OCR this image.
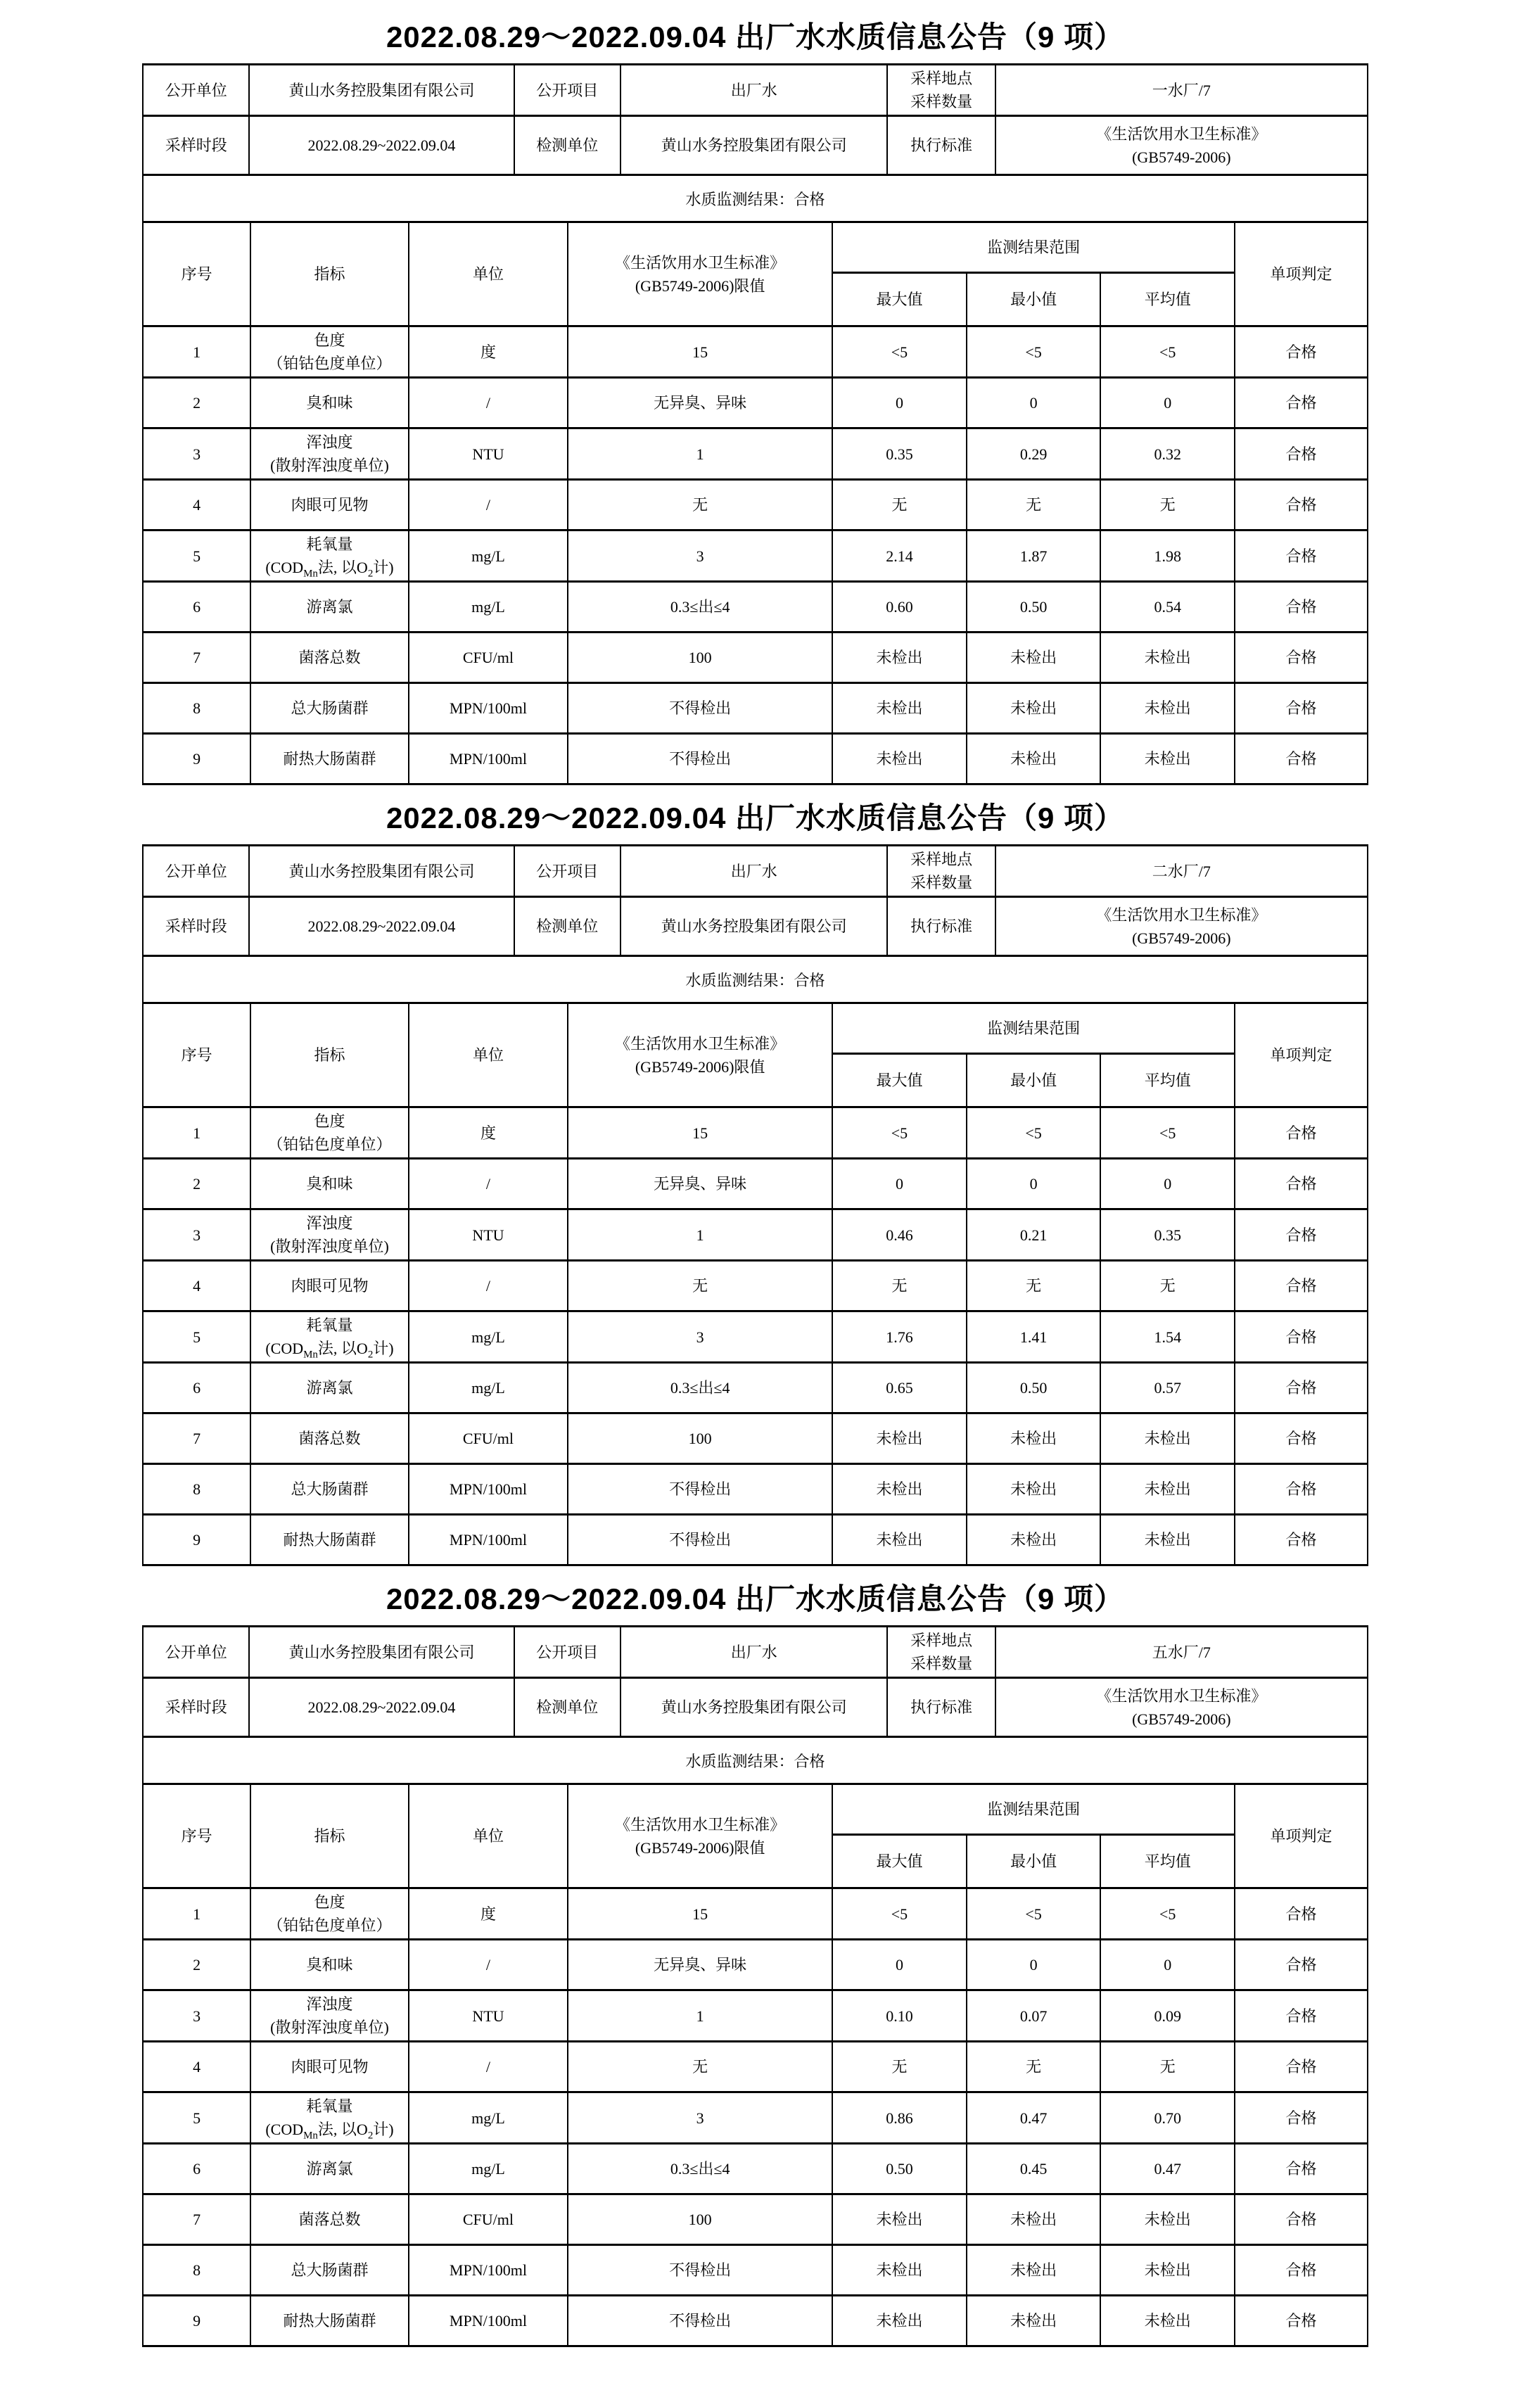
2022.08.29～2022.09.04 出厂水水质信息公告（9 项）
公开单位	黄山水务控股集团有限公司	公开项目	出厂水	采样地点
采样数量	一水厂/7
采样时段	2022.08.29~2022.09.04	检测单位	黄山水务控股集团有限公司	执行标准	《生活饮用水卫生标准》
(GB5749-2006)
水质监测结果：合格
序号	指标	单位	《生活饮用水卫生标准》
(GB5749-2006)限值	监测结果范围			单项判定
				最大值	最小值	平均值	
1	色度
（铂钴色度单位）	度	15	<5	<5	<5	合格
2	臭和味	/	无异臭、异味	0	0	0	合格
3	浑浊度
(散射浑浊度单位)	NTU	1	0.35	0.29	0.32	合格
4	肉眼可见物	/	无	无	无	无	合格
5	耗氧量
($COD_{Mn}$法, 以$O_2$计)	mg/L	3	2.14	1.87	1.98	合格
6	游离氯	mg/L	0.3≤出≤4	0.60	0.50	0.54	合格
7	菌落总数	CFU/ml	100	未检出	未检出	未检出	合格
8	总大肠菌群	MPN/100ml	不得检出	未检出	未检出	未检出	合格
9	耐热大肠菌群	MPN/100ml	不得检出	未检出	未检出	未检出	合格
2022.08.29～2022.09.04 出厂水水质信息公告（9 项）
公开单位	黄山水务控股集团有限公司	公开项目	出厂水	采样地点
采样数量	二水厂/7
采样时段	2022.08.29~2022.09.04	检测单位	黄山水务控股集团有限公司	执行标准	《生活饮用水卫生标准》
(GB5749-2006)
水质监测结果：合格
序号	指标	单位	《生活饮用水卫生标准》
(GB5749-2006)限值	监测结果范围			单项判定
				最大值	最小值	平均值	
1	色度
（铂钴色度单位）	度	15	<5	<5	<5	合格
2	臭和味	/	无异臭、异味	0	0	0	合格
3	浑浊度
(散射浑浊度单位)	NTU	1	0.46	0.21	0.35	合格
4	肉眼可见物	/	无	无	无	无	合格
5	耗氧量
($COD_{Mn}$法, 以$O_2$计)	mg/L	3	1.76	1.41	1.54	合格
6	游离氯	mg/L	0.3≤出≤4	0.65	0.50	0.57	合格
7	菌落总数	CFU/ml	100	未检出	未检出	未检出	合格
8	总大肠菌群	MPN/100ml	不得检出	未检出	未检出	未检出	合格
9	耐热大肠菌群	MPN/100ml	不得检出	未检出	未检出	未检出	合格
2022.08.29～2022.09.04 出厂水水质信息公告（9 项）
公开单位	黄山水务控股集团有限公司	公开项目	出厂水	采样地点
采样数量	五水厂/7
采样时段	2022.08.29~2022.09.04	检测单位	黄山水务控股集团有限公司	执行标准	《生活饮用水卫生标准》
(GB5749-2006)
水质监测结果：合格
序号	指标	单位	《生活饮用水卫生标准》
(GB5749-2006)限值	监测结果范围			单项判定
				最大值	最小值	平均值	
1	色度
（铂钴色度单位）	度	15	<5	<5	<5	合格
2	臭和味	/	无异臭、异味	0	0	0	合格
3	浑浊度
(散射浑浊度单位)	NTU	1	0.10	0.07	0.09	合格
4	肉眼可见物	/	无	无	无	无	合格
5	耗氧量
($COD_{Mn}$法, 以$O_2$计)	mg/L	3	0.86	0.47	0.70	合格
6	游离氯	mg/L	0.3≤出≤4	0.50	0.45	0.47	合格
7	菌落总数	CFU/ml	100	未检出	未检出	未检出	合格
8	总大肠菌群	MPN/100ml	不得检出	未检出	未检出	未检出	合格
9	耐热大肠菌群	MPN/100ml	不得检出	未检出	未检出	未检出	合格
